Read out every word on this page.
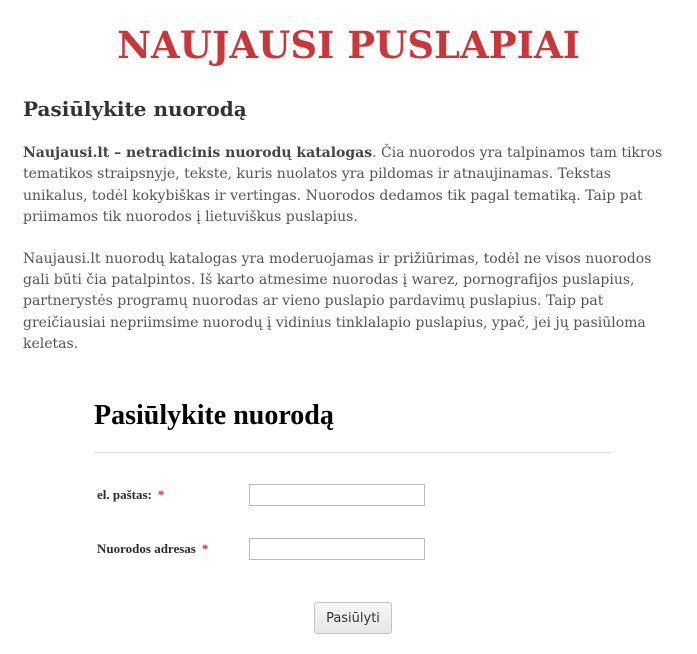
NAUJAUSI PUSLAPIAI
Pasiūlykite nuorodą

Naujausi.lt – netradicinis nuorodų katalogas. Čia nuorodos yra talpinamos tam tikros tematikos straipsnyje, tekste, kuris nuolatos yra pildomas ir atnaujinamas. Tekstas unikalus, todėl kokybiškas ir vertingas. Nuorodos dedamos tik pagal tematiką. Taip pat priimamos tik nuorodos į lietuviškus puslapius.

Naujausi.lt nuorodų katalogas yra moderuojamas ir prižiūrimas, todėl ne visos nuorodos gali būti čia patalpintos. Iš karto atmesime nuorodas į warez, pornografijos puslapius, partnerystės programų nuorodas ar vieno puslapio pardavimų puslapius. Taip pat greičiausiai nepriimsime nuorodų į vidinius tinklalapio puslapius, ypač, jei jų pasiūloma keletas.

Pasiūlykite nuorodą
el. paštas: *
Nuorodos adresas *
Pasiūlyti
